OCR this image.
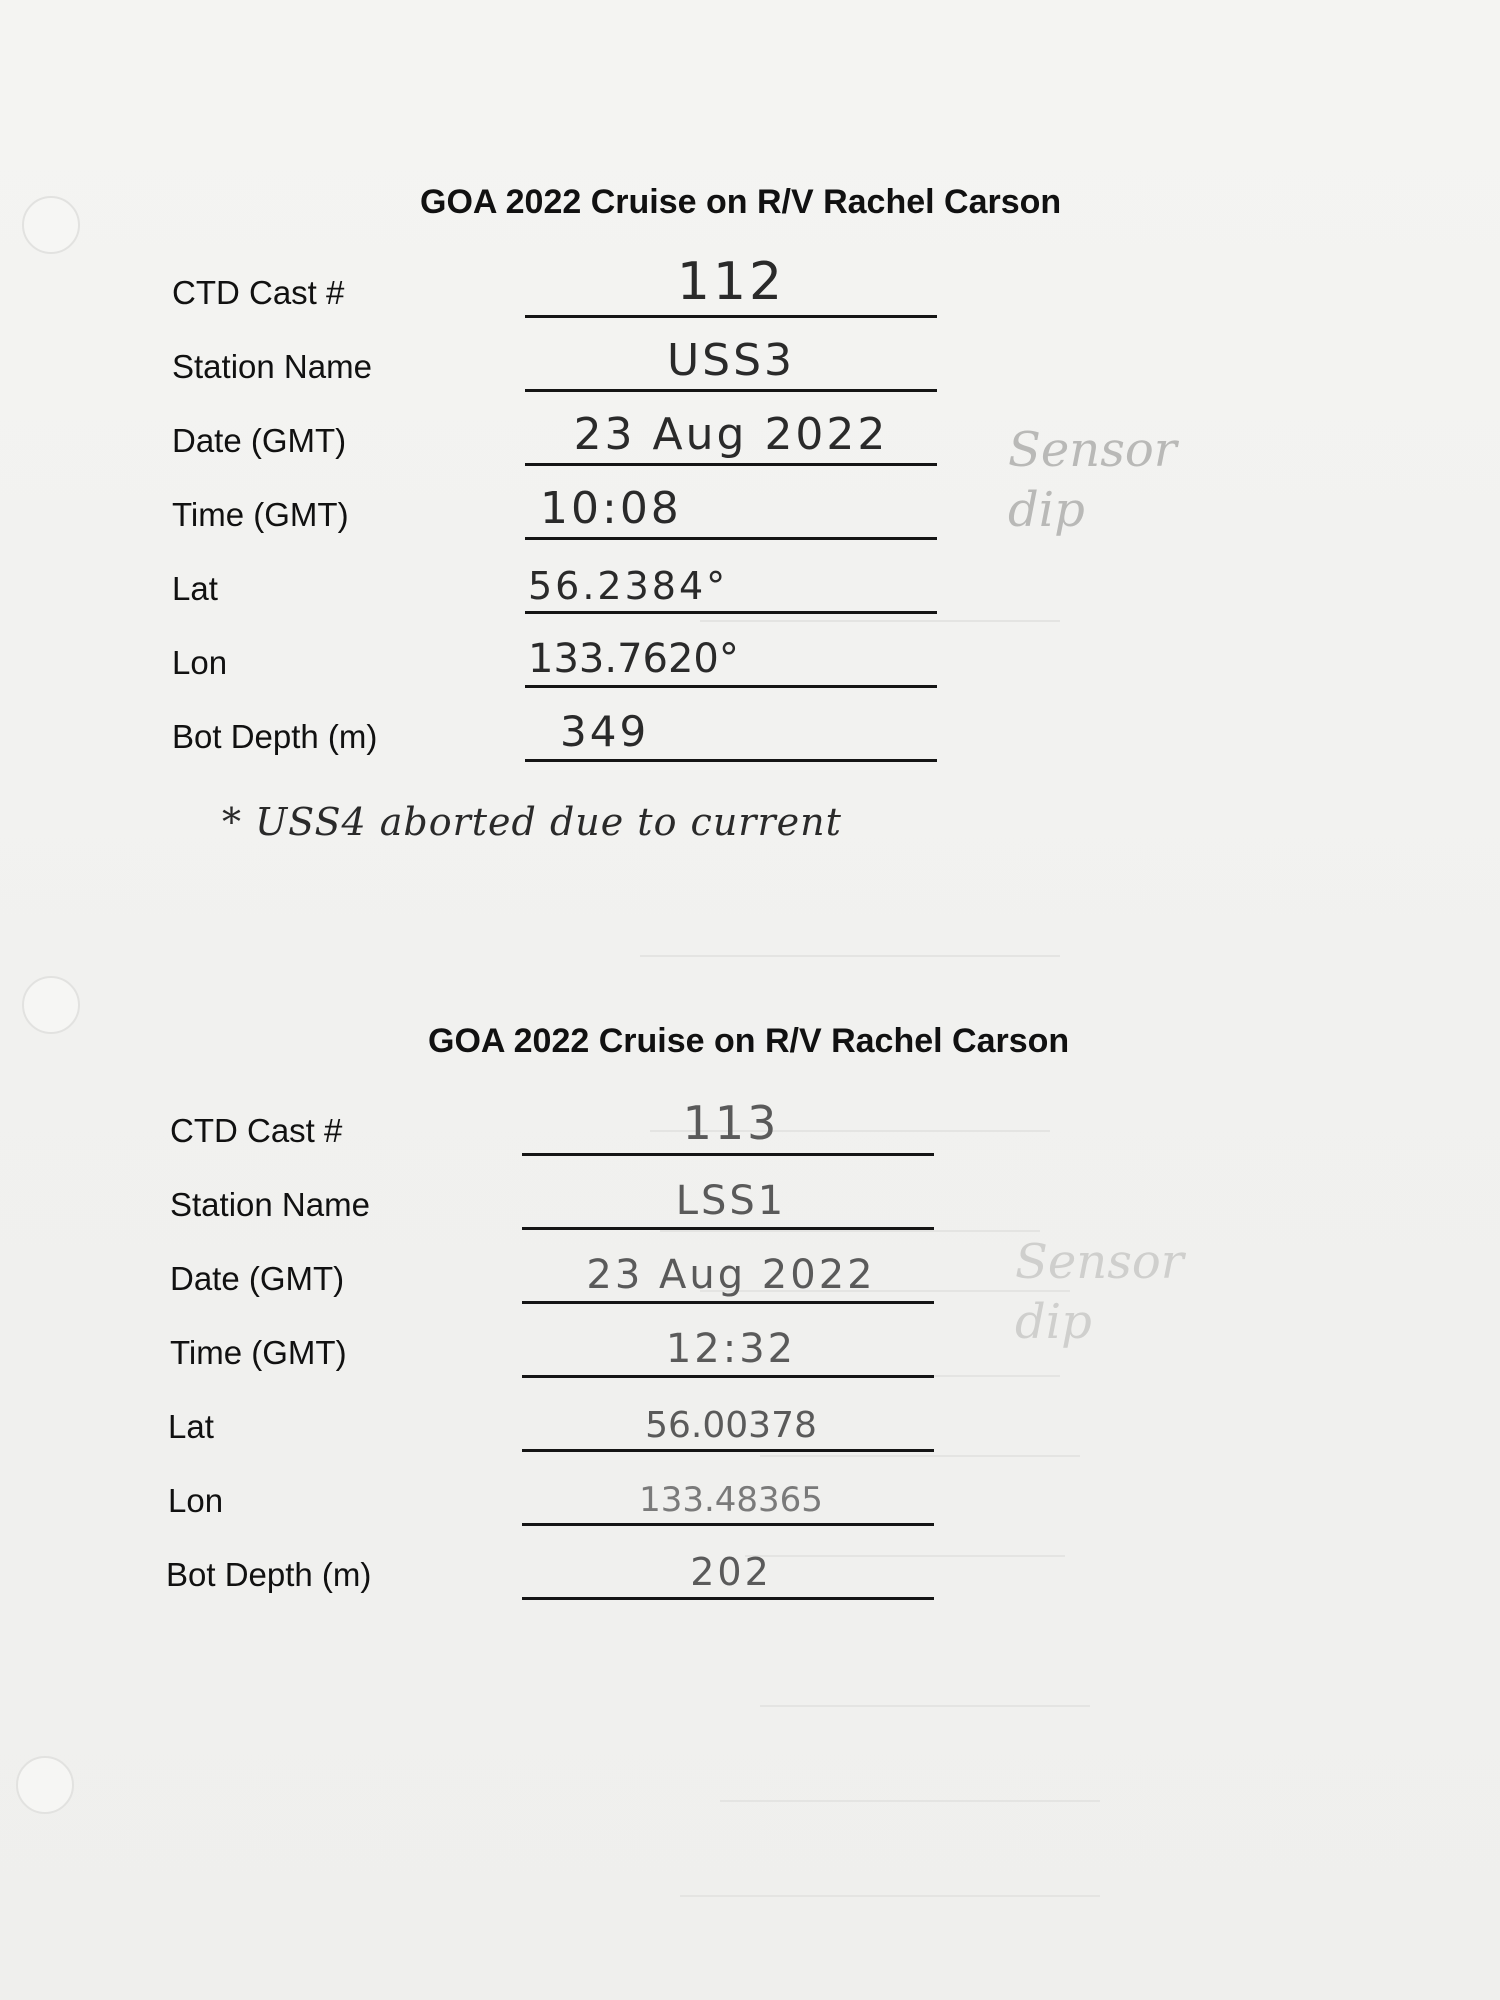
GOA 2022 Cruise on R/V Rachel Carson
CTD Cast #	112
Station Name	USS3
Date (GMT)	23 Aug 2022
Time (GMT)	10:08
Lat	56.2384°
Lon	133.7620°
Bot Depth (m)	349
* USS4 aborted due to current
Sensor dip
GOA 2022 Cruise on R/V Rachel Carson
CTD Cast #	113
Station Name	LSS1
Date (GMT)	23 Aug 2022
Time (GMT)	12:32
Lat	56.00378
Lon	133.48365
Bot Depth (m)	202
Sensor dip
